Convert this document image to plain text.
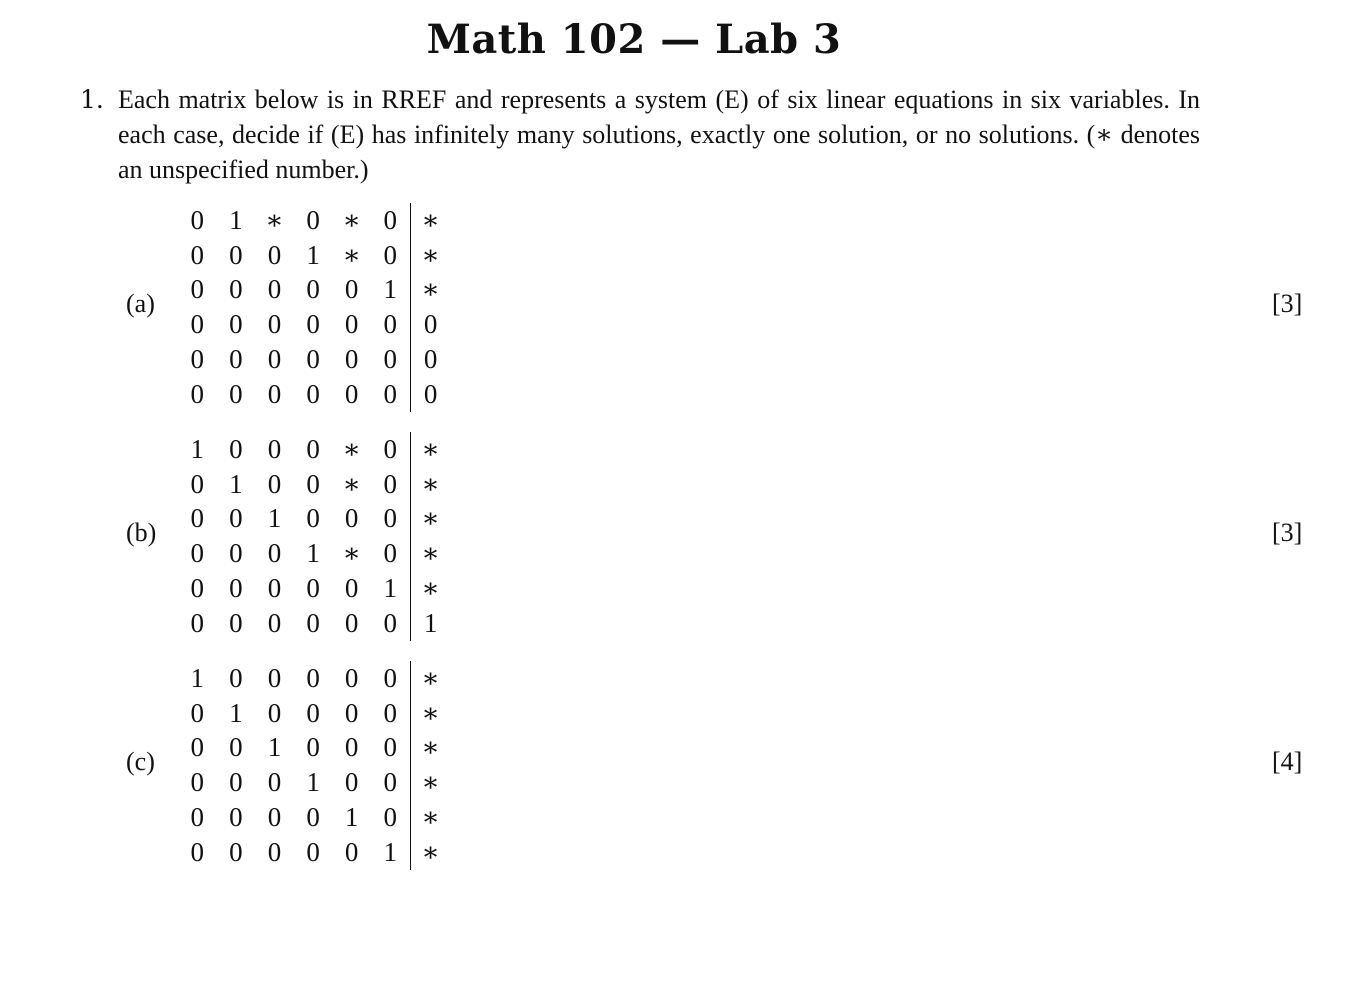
Math 102 — Lab 3
1. Each matrix below is in RREF and represents a system (E) of six linear equations in six variables. In each case, decide if (E) has infinitely many solutions, exactly one solution, or no solutions. (∗ denotes an unspecified number.)
(a)
0	1	∗	0	∗	0	∗
0	0	0	1	∗	0	∗
0	0	0	0	0	1	∗
0	0	0	0	0	0	0
0	0	0	0	0	0	0
0	0	0	0	0	0	0
[3]
(b)
1	0	0	0	∗	0	∗
0	1	0	0	∗	0	∗
0	0	1	0	0	0	∗
0	0	0	1	∗	0	∗
0	0	0	0	0	1	∗
0	0	0	0	0	0	1
[3]
(c)
1	0	0	0	0	0	∗
0	1	0	0	0	0	∗
0	0	1	0	0	0	∗
0	0	0	1	0	0	∗
0	0	0	0	1	0	∗
0	0	0	0	0	1	∗
[4]
